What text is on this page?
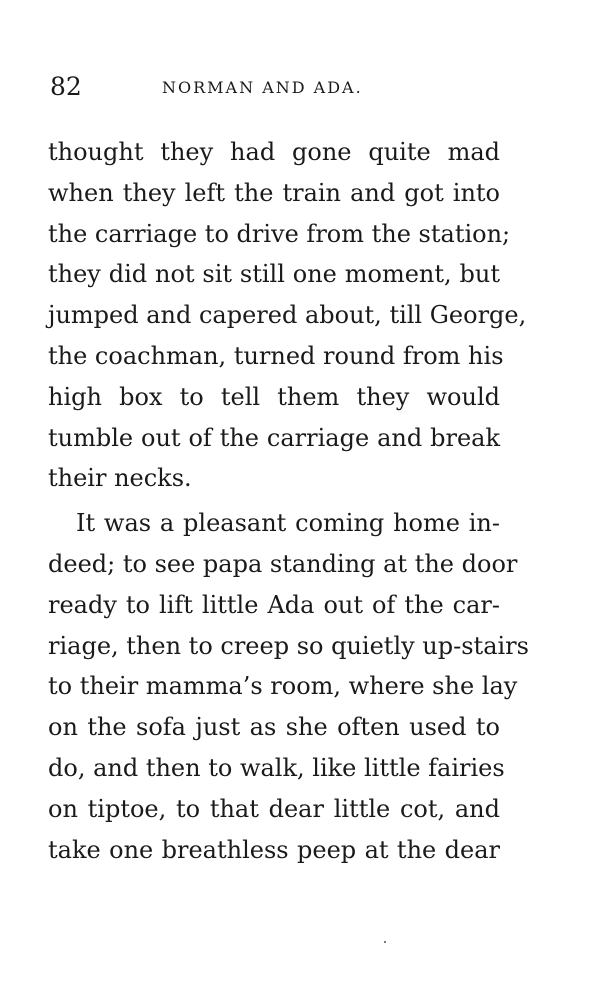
82	NORMAN AND ADA.
thought they had gone quite mad
when they left the train and got into
the carriage to drive from the station;
they did not sit still one moment, but
jumped and capered about, till George,
the coachman, turned round from his
high box to tell them they would
tumble out of the carriage and break
their necks.
It was a pleasant coming home in-
deed; to see papa standing at the door
ready to lift little Ada out of the car-
riage, then to creep so quietly up-stairs
to their mamma’s room, where she lay
on the sofa just as she often used to
do, and then to walk, like little fairies
on tiptoe, to that dear little cot, and
take one breathless peep at the dear
